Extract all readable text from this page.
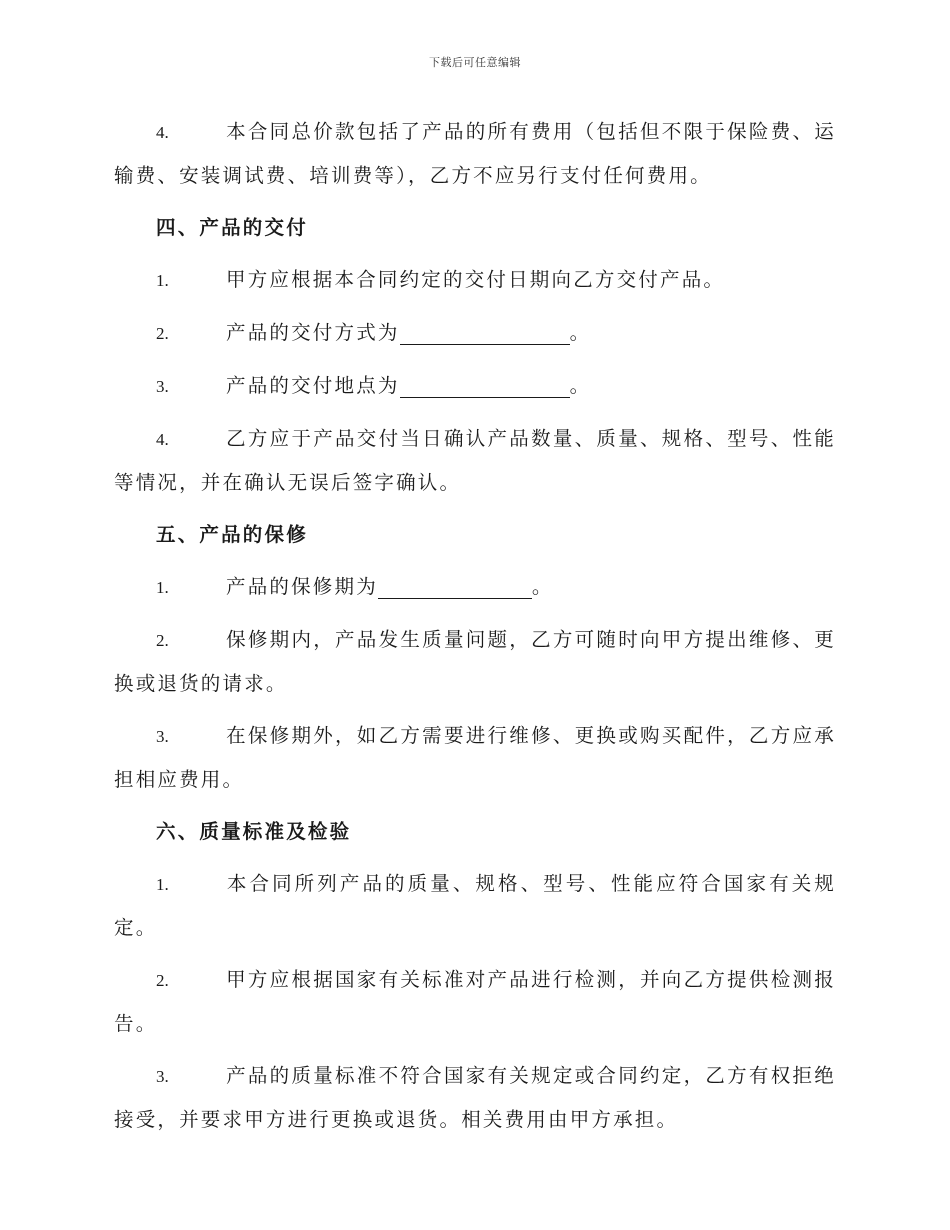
下载后可任意编辑
4.	本合同总价款包括了产品的所有费用（包括但不限于保险费、运输费、安装调试费、培训费等），乙方不应另行支付任何费用。
四、产品的交付
1.	甲方应根据本合同约定的交付日期向乙方交付产品。
2.	产品的交付方式为	。
3.	产品的交付地点为	。
4.	乙方应于产品交付当日确认产品数量、质量、规格、型号、性能等情况，并在确认无误后签字确认。
五、产品的保修
1.	产品的保修期为	。
2.	保修期内，产品发生质量问题，乙方可随时向甲方提出维修、更换或退货的请求。
3.	在保修期外，如乙方需要进行维修、更换或购买配件，乙方应承担相应费用。
六、质量标准及检验
1.	本合同所列产品的质量、规格、型号、性能应符合国家有关规定。
2.	甲方应根据国家有关标准对产品进行检测，并向乙方提供检测报告。
3.	产品的质量标准不符合国家有关规定或合同约定，乙方有权拒绝接受，并要求甲方进行更换或退货。相关费用由甲方承担。
